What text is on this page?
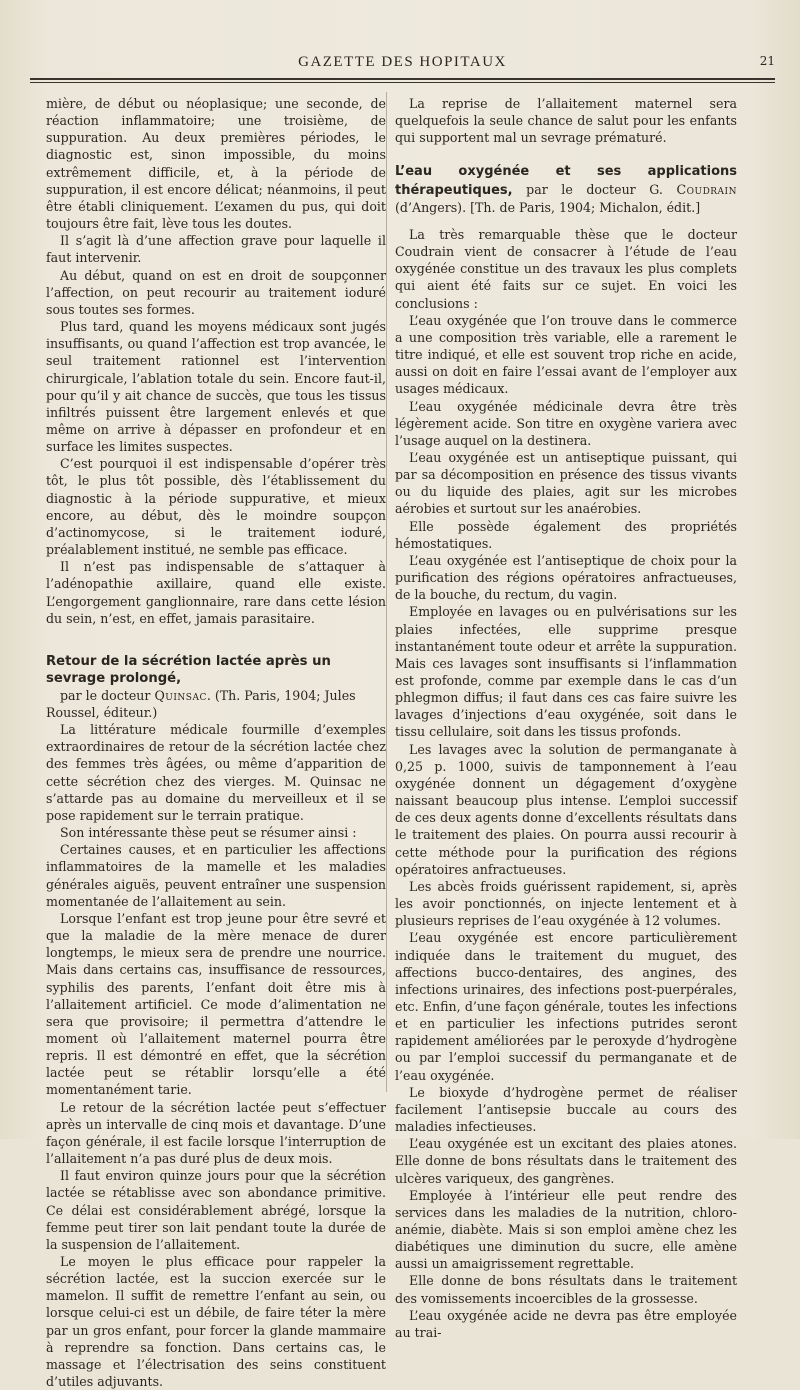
GAZETTE DES HOPITAUX	21

mière, de début ou néoplasique; une seconde, de réaction inflammatoire; une troisième, de suppuration. Au deux premières périodes, le diagnostic est, sinon impossible, du moins extrêmement difficile, et, à la période de suppuration, il est encore délicat; néanmoins, il peut être établi cliniquement. L’examen du pus, qui doit toujours être fait, lève tous les doutes.

Il s’agit là d’une affection grave pour laquelle il faut intervenir.

Au début, quand on est en droit de soupçonner l’affection, on peut recourir au traitement ioduré sous toutes ses formes.

Plus tard, quand les moyens médicaux sont jugés insuffisants, ou quand l’affection est trop avancée, le seul traitement rationnel est l’intervention chirurgicale, l’ablation totale du sein. Encore faut-il, pour qu’il y ait chance de succès, que tous les tissus infiltrés puissent être largement enlevés et que même on arrive à dépasser en profondeur et en surface les limites suspectes.

C’est pourquoi il est indispensable d’opérer très tôt, le plus tôt possible, dès l’établissement du diagnostic à la période suppurative, et mieux encore, au début, dès le moindre soupçon d’actinomycose, si le traitement ioduré, préalablement institué, ne semble pas efficace.

Il n’est pas indispensable de s’attaquer à l’adénopathie axillaire, quand elle existe. L’engorgement ganglionnaire, rare dans cette lésion du sein, n’est, en effet, jamais parasitaire.

Retour de la sécrétion lactée après un sevrage prolongé,

par le docteur Quinsac. (Th. Paris, 1904; Jules Roussel, éditeur.)

La littérature médicale fourmille d’exemples extraordinaires de retour de la sécrétion lactée chez des femmes très âgées, ou même d’apparition de cette sécrétion chez des vierges. M. Quinsac ne s’attarde pas au domaine du merveilleux et il se pose rapidement sur le terrain pratique.

Son intéressante thèse peut se résumer ainsi :

Certaines causes, et en particulier les affections inflammatoires de la mamelle et les maladies générales aiguës, peuvent entraîner une suspension momentanée de l’allaitement au sein.

Lorsque l’enfant est trop jeune pour être sevré et que la maladie de la mère menace de durer longtemps, le mieux sera de prendre une nourrice. Mais dans certains cas, insuffisance de ressources, syphilis des parents, l’enfant doit être mis à l’allaitement artificiel. Ce mode d’alimentation ne sera que provisoire; il permettra d’attendre le moment où l’allaitement maternel pourra être repris. Il est démontré en effet, que la sécrétion lactée peut se rétablir lorsqu’elle a été momentanément tarie.

Le retour de la sécrétion lactée peut s’effectuer après un intervalle de cinq mois et davantage. D’une façon générale, il est facile lorsque l’interruption de l’allaitement n’a pas duré plus de deux mois.

Il faut environ quinze jours pour que la sécrétion lactée se rétablisse avec son abondance primitive. Ce délai est considérablement abrégé, lorsque la femme peut tirer son lait pendant toute la durée de la suspension de l’allaitement.

Le moyen le plus efficace pour rappeler la sécrétion lactée, est la succion exercée sur le mamelon. Il suffit de remettre l’enfant au sein, ou lorsque celui-ci est un débile, de faire téter la mère par un gros enfant, pour forcer la glande mammaire à reprendre sa fonction. Dans certains cas, le massage et l’électrisation des seins constituent d’utiles adjuvants.

La reprise de l’allaitement maternel sera quelquefois la seule chance de salut pour les enfants qui supportent mal un sevrage prématuré.

L’eau oxygénée et ses applications thérapeutiques, par le docteur G. Coudrain (d’Angers). [Th. de Paris, 1904; Michalon, édit.]

La très remarquable thèse que le docteur Coudrain vient de consacrer à l’étude de l’eau oxygénée constitue un des travaux les plus complets qui aient été faits sur ce sujet. En voici les conclusions :

L’eau oxygénée que l’on trouve dans le commerce a une composition très variable, elle a rarement le titre indiqué, et elle est souvent trop riche en acide, aussi on doit en faire l’essai avant de l’employer aux usages médicaux.

L’eau oxygénée médicinale devra être très légèrement acide. Son titre en oxygène variera avec l’usage auquel on la destinera.

L’eau oxygénée est un antiseptique puissant, qui par sa décomposition en présence des tissus vivants ou du liquide des plaies, agit sur les microbes aérobies et surtout sur les anaérobies.

Elle possède également des propriétés hémostatiques.

L’eau oxygénée est l’antiseptique de choix pour la purification des régions opératoires anfractueuses, de la bouche, du rectum, du vagin.

Employée en lavages ou en pulvérisations sur les plaies infectées, elle supprime presque instantanément toute odeur et arrête la suppuration. Mais ces lavages sont insuffisants si l’inflammation est profonde, comme par exemple dans le cas d’un phlegmon diffus; il faut dans ces cas faire suivre les lavages d’injections d’eau oxygénée, soit dans le tissu cellulaire, soit dans les tissus profonds.

Les lavages avec la solution de permanganate à 0,25 p. 1000, suivis de tamponnement à l’eau oxygénée donnent un dégagement d’oxygène naissant beaucoup plus intense. L’emploi successif de ces deux agents donne d’excellents résultats dans le traitement des plaies. On pourra aussi recourir à cette méthode pour la purification des régions opératoires anfractueuses.

Les abcès froids guérissent rapidement, si, après les avoir ponctionnés, on injecte lentement et à plusieurs reprises de l’eau oxygénée à 12 volumes.

L’eau oxygénée est encore particulièrement indiquée dans le traitement du muguet, des affections bucco-dentaires, des angines, des infections urinaires, des infections post-puerpérales, etc. Enfin, d’une façon générale, toutes les infections et en particulier les infections putrides seront rapidement améliorées par le peroxyde d’hydrogène ou par l’emploi successif du permanganate et de l’eau oxygénée.

Le bioxyde d’hydrogène permet de réaliser facilement l’antisepsie buccale au cours des maladies infectieuses.

L’eau oxygénée est un excitant des plaies atones. Elle donne de bons résultats dans le traitement des ulcères variqueux, des gangrènes.

Employée à l’intérieur elle peut rendre des services dans les maladies de la nutrition, chloro-anémie, diabète. Mais si son emploi amène chez les diabétiques une diminution du sucre, elle amène aussi un amaigrissement regrettable.

Elle donne de bons résultats dans le traitement des vomissements incoercibles de la grossesse.

L’eau oxygénée acide ne devra pas être employée au trai-
